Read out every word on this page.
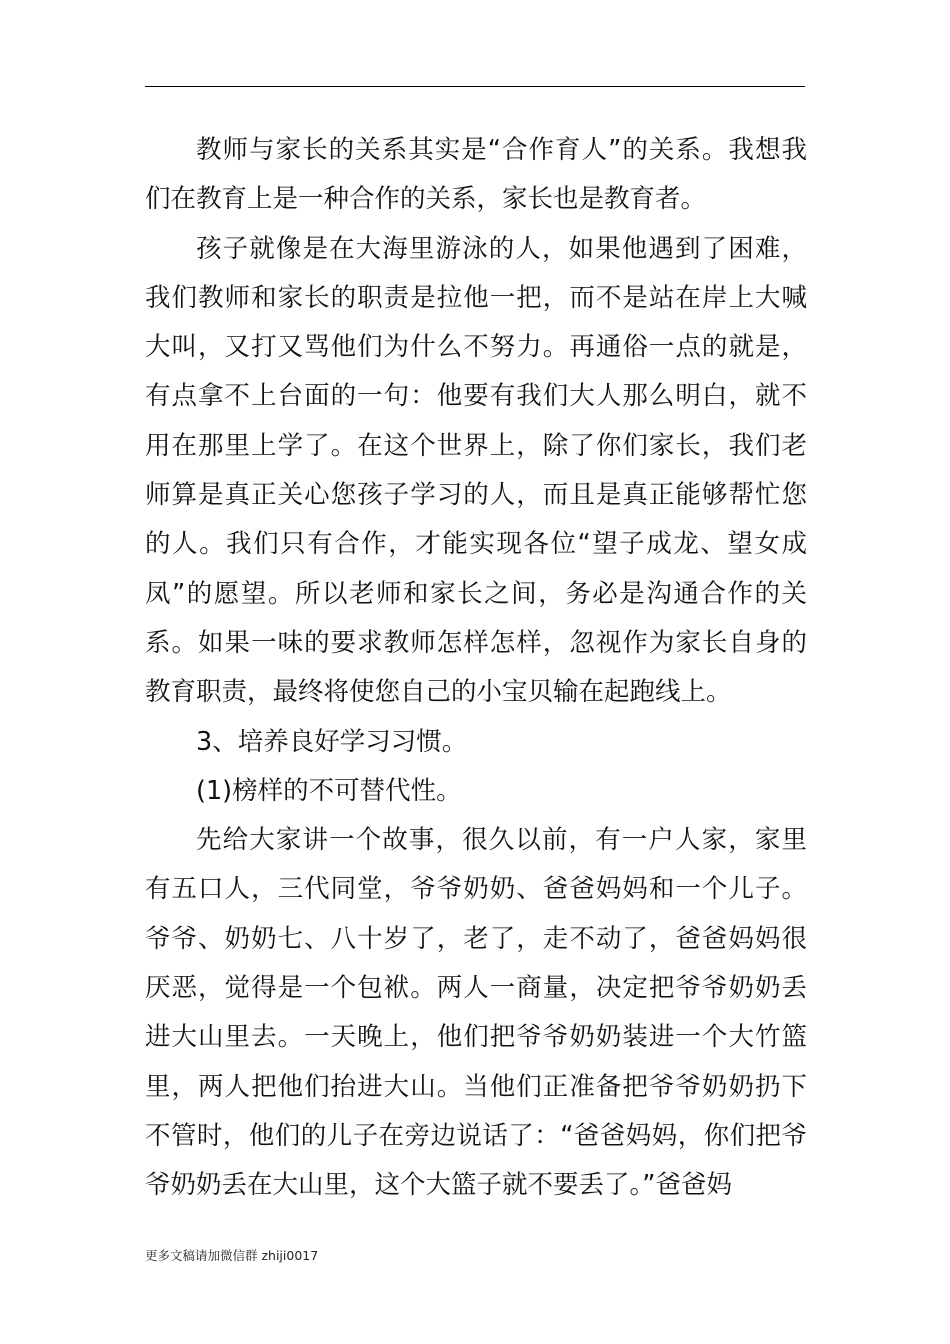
教师与家长的关系其实是“合作育人”的关系。我想我们在教育上是一种合作的关系，家长也是教育者。

孩子就像是在大海里游泳的人，如果他遇到了困难，我们教师和家长的职责是拉他一把，而不是站在岸上大喊大叫，又打又骂他们为什么不努力。再通俗一点的就是，有点拿不上台面的一句：他要有我们大人那么明白，就不用在那里上学了。在这个世界上，除了你们家长，我们老师算是真正关心您孩子学习的人，而且是真正能够帮忙您的人。我们只有合作，才能实现各位“望子成龙、望女成凤”的愿望。所以老师和家长之间，务必是沟通合作的关系。如果一味的要求教师怎样怎样，忽视作为家长自身的教育职责，最终将使您自己的小宝贝输在起跑线上。

3、培养良好学习习惯。

(1)榜样的不可替代性。

先给大家讲一个故事，很久以前，有一户人家，家里有五口人，三代同堂，爷爷奶奶、爸爸妈妈和一个儿子。爷爷、奶奶七、八十岁了，老了，走不动了，爸爸妈妈很厌恶，觉得是一个包袱。两人一商量，决定把爷爷奶奶丢进大山里去。一天晚上，他们把爷爷奶奶装进一个大竹篮里，两人把他们抬进大山。当他们正准备把爷爷奶奶扔下不管时，他们的儿子在旁边说话了：“爸爸妈妈，你们把爷爷奶奶丢在大山里，这个大篮子就不要丢了。”爸爸妈

更多文稿请加微信群 zhiji0017
